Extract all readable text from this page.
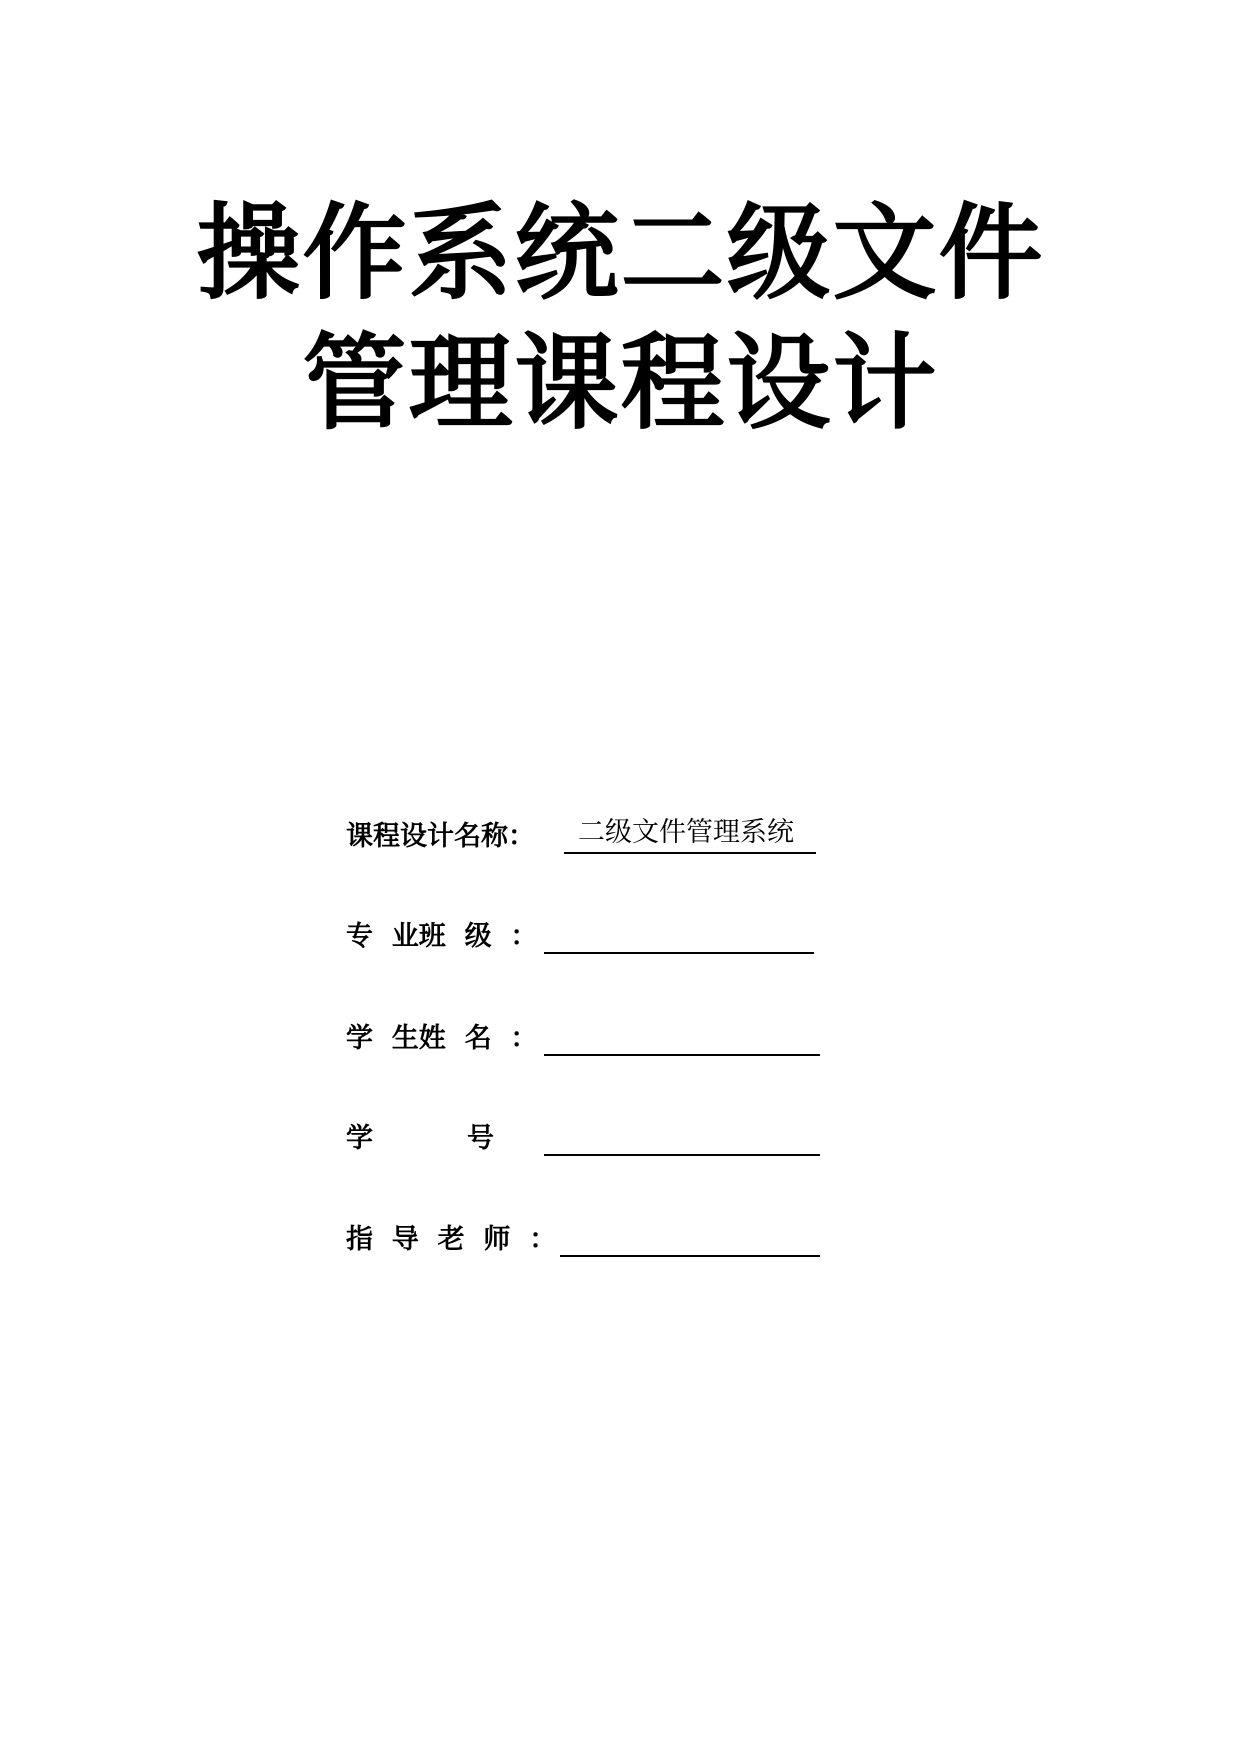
操作系统二级文件
管理课程设计
课程设计名称： 二级文件管理系统
专  业班  级  ：
学  生姓  名  ：
学          号
指  导  老  师  ：
